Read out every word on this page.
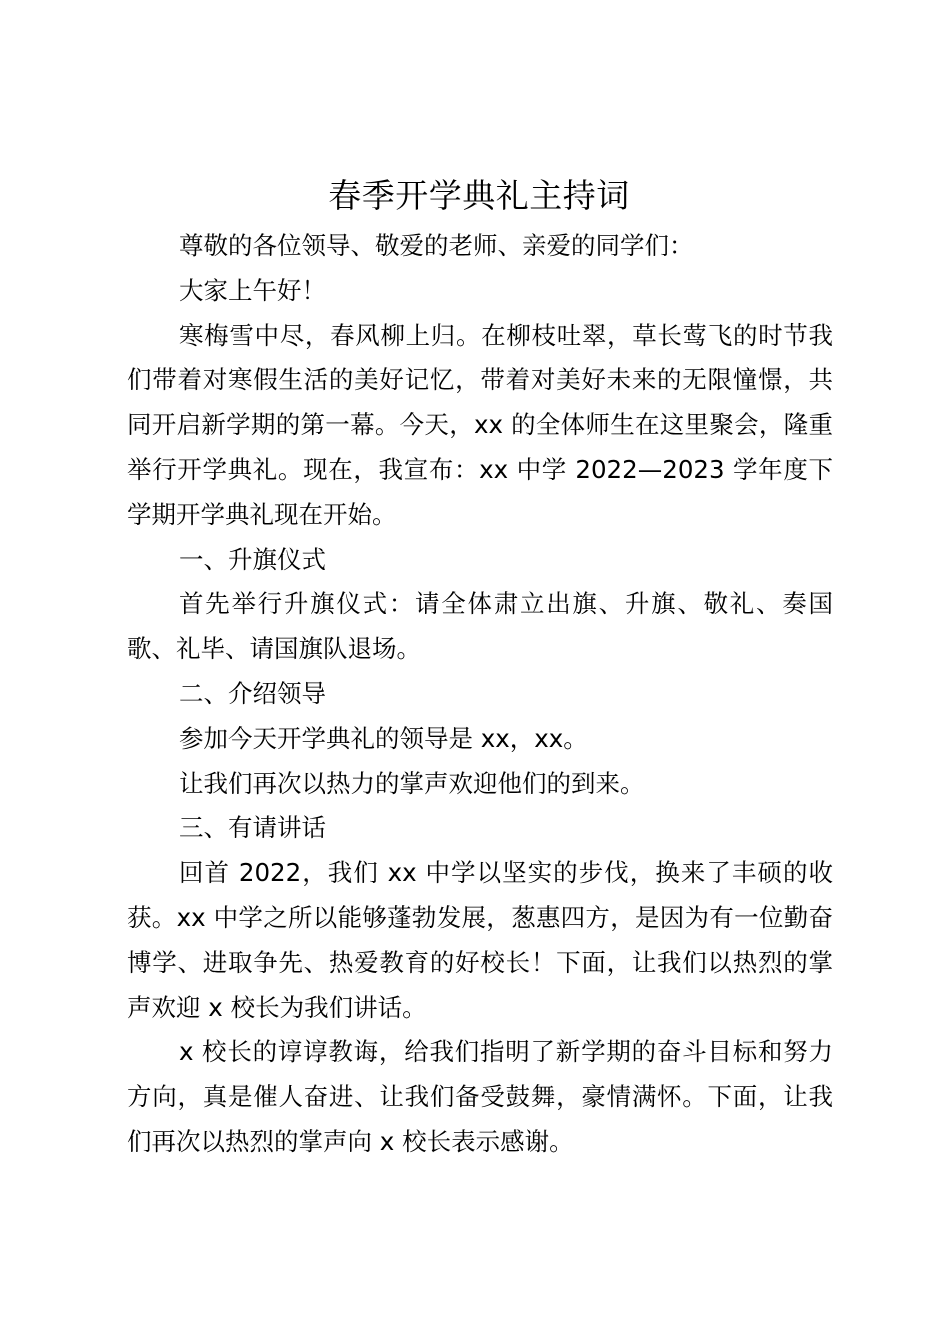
春季开学典礼主持词

尊敬的各位领导、敬爱的老师、亲爱的同学们：

大家上午好！

寒梅雪中尽，春风柳上归。在柳枝吐翠，草长莺飞的时节我们带着对寒假生活的美好记忆，带着对美好未来的无限憧憬，共同开启新学期的第一幕。今天，xx 的全体师生在这里聚会，隆重举行开学典礼。现在，我宣布：xx 中学 2022—2023 学年度下学期开学典礼现在开始。

一、升旗仪式

首先举行升旗仪式：请全体肃立出旗、升旗、敬礼、奏国歌、礼毕、请国旗队退场。

二、介绍领导

参加今天开学典礼的领导是 xx，xx。

让我们再次以热力的掌声欢迎他们的到来。

三、有请讲话

回首 2022，我们 xx 中学以坚实的步伐，换来了丰硕的收获。xx 中学之所以能够蓬勃发展，葱惠四方，是因为有一位勤奋博学、进取争先、热爱教育的好校长！下面，让我们以热烈的掌声欢迎 x 校长为我们讲话。

x 校长的谆谆教诲，给我们指明了新学期的奋斗目标和努力方向，真是催人奋进、让我们备受鼓舞，豪情满怀。下面，让我们再次以热烈的掌声向 x 校长表示感谢。
